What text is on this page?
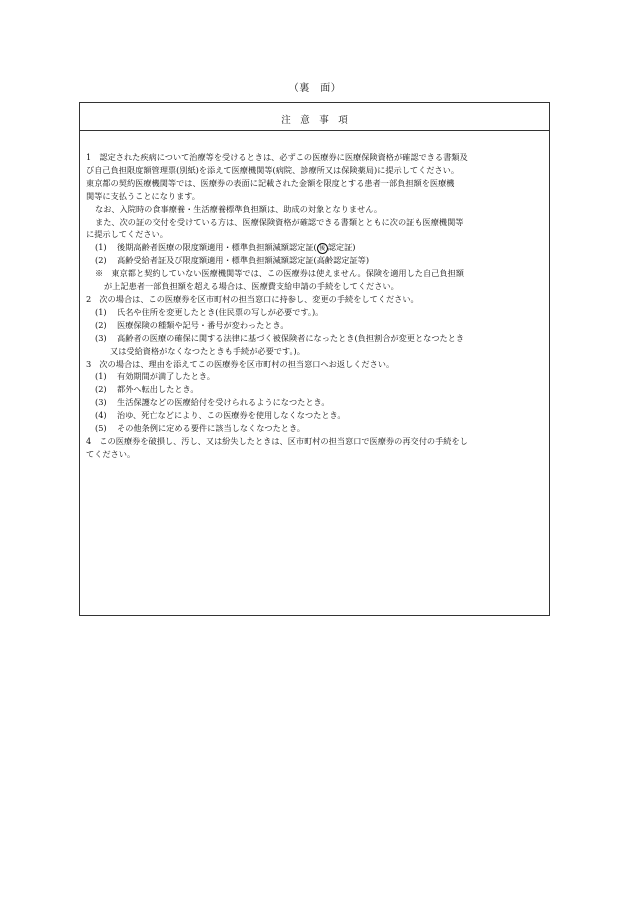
（裏　面）
注　意　事　項
1　認定された疾病について治療等を受けるときは、必ずこの医療券に医療保険資格が確認できる書類及
び自己負担限度額管理票(別紙)を添えて医療機関等(病院、診療所又は保険薬局)に提示してください。
東京都の契約医療機関等では、医療券の表面に記載された金額を限度とする患者一部負担額を医療機
関等に支払うことになります。
なお、入院時の食事療養・生活療養標準負担額は、助成の対象となりません。
また、次の証の交付を受けている方は、医療保険資格が確認できる書類とともに次の証も医療機関等
に提示してください。
(1) 後期高齢者医療の限度額適用・標準負担額減額認定証( 後 認定証)
(2) 高齢受給者証及び限度額適用・標準負担額減額認定証(高齢認定証等)
※　東京都と契約していない医療機関等では、この医療券は使えません。保険を適用した自己負担額
が上記患者一部負担額を超える場合は、医療費支給申請の手続をしてください。
2　次の場合は、この医療券を区市町村の担当窓口に持参し、変更の手続をしてください。
(1) 氏名や住所を変更したとき(住民票の写しが必要です。)。
(2) 医療保険の種類や記号・番号が変わったとき。
(3) 高齢者の医療の確保に関する法律に基づく被保険者になったとき(負担割合が変更となつたとき
又は受給資格がなくなつたときも手続が必要です。)。
3　次の場合は、理由を添えてこの医療券を区市町村の担当窓口へお返しください。
(1) 有効期間が満了したとき。
(2) 都外へ転出したとき。
(3) 生活保護などの医療給付を受けられるようになつたとき。
(4) 治ゆ、死亡などにより、この医療券を使用しなくなつたとき。
(5) その他条例に定める要件に該当しなくなつたとき。
4　この医療券を破損し、汚し、又は紛失したときは、区市町村の担当窓口で医療券の再交付の手続をし
てください。
